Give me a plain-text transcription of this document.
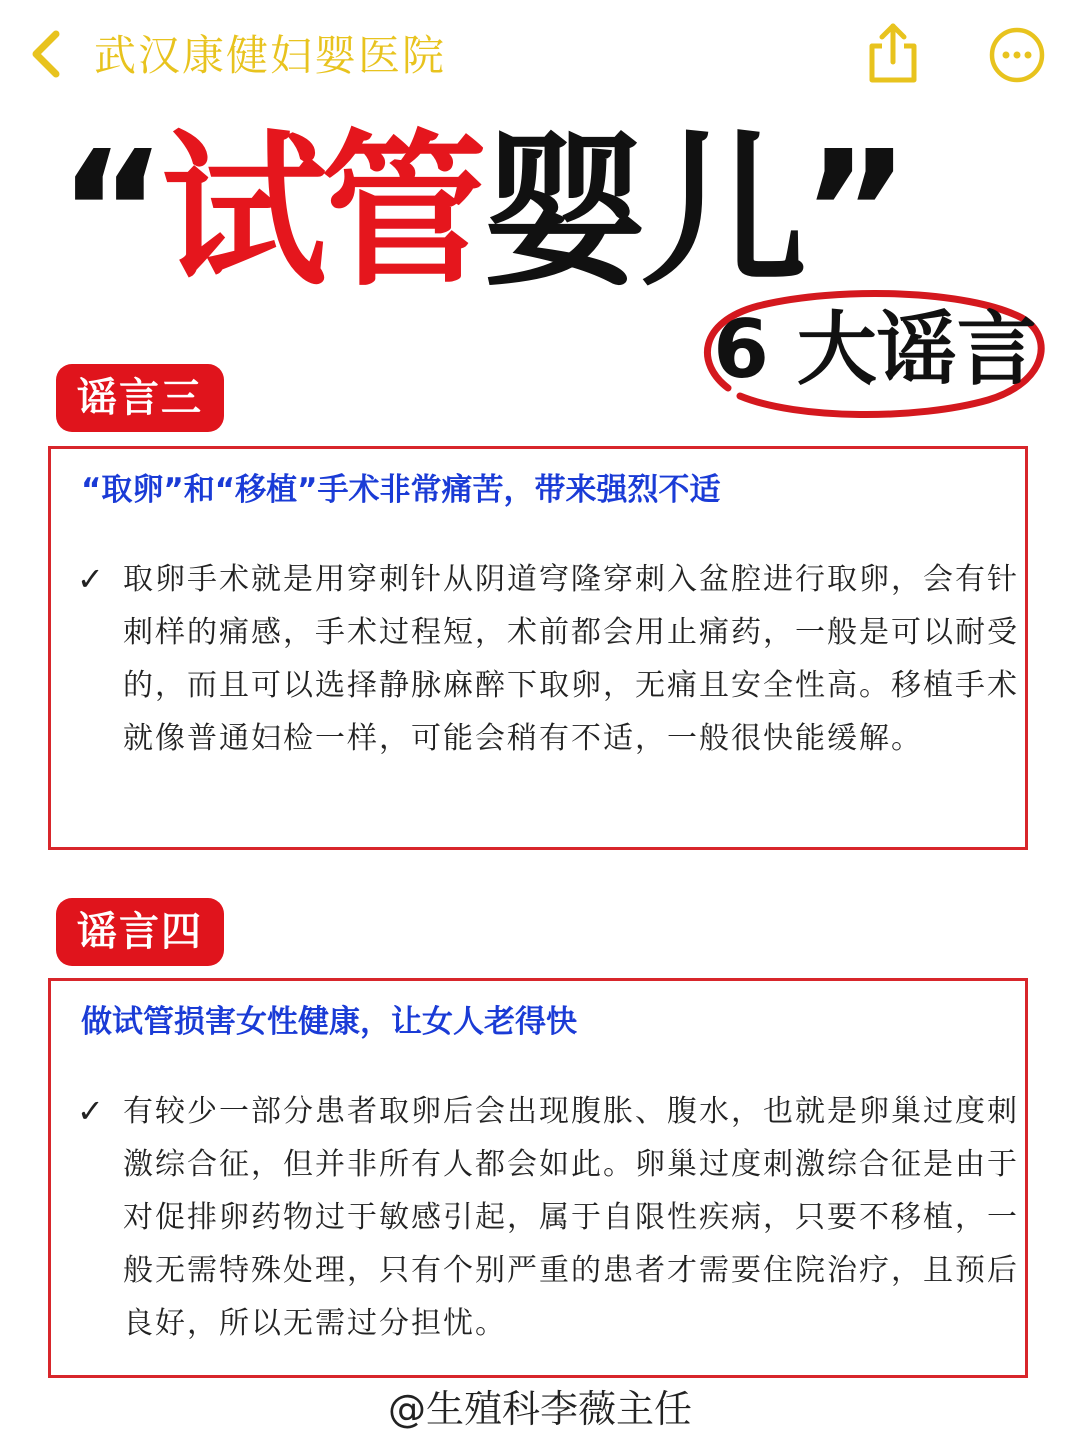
武汉康健妇婴医院
“试管婴儿”
6 大谣言
谣言三
“取卵”和“移植”手术非常痛苦，带来强烈不适
✓ 取卵手术就是用穿刺针从阴道穹隆穿刺入盆腔进行取卵，会有针刺样的痛感，手术过程短，术前都会用止痛药，一般是可以耐受的，而且可以选择静脉麻醉下取卵，无痛且安全性高。移植手术就像普通妇检一样，可能会稍有不适，一般很快能缓解。
谣言四
做试管损害女性健康，让女人老得快
✓ 有较少一部分患者取卵后会出现腹胀、腹水，也就是卵巢过度刺激综合征，但并非所有人都会如此。卵巢过度刺激综合征是由于对促排卵药物过于敏感引起，属于自限性疾病，只要不移植，一般无需特殊处理，只有个别严重的患者才需要住院治疗，且预后良好，所以无需过分担忧。
@生殖科李薇主任
